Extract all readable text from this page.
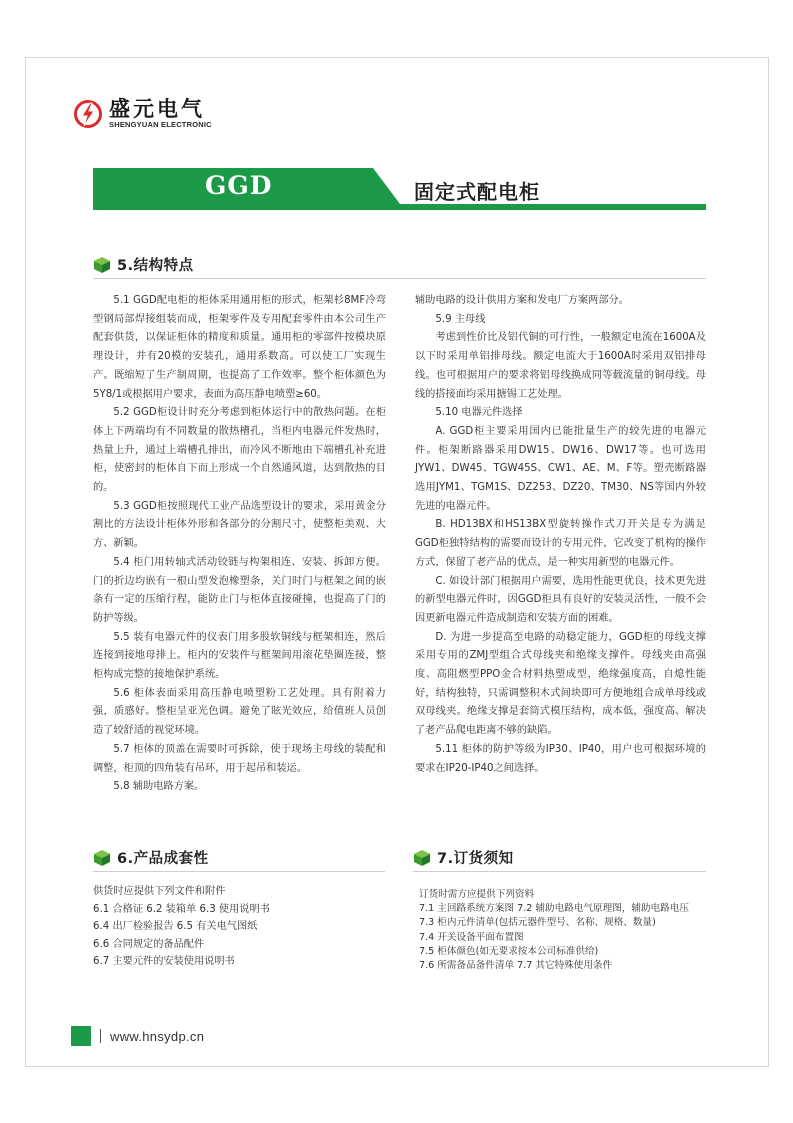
盛元电气
SHENGYUAN ELECTRONIC
GGD	固定式配电柜
5.结构特点

5.1 GGD配电柜的柜体采用通用柜的形式，柜架杉8MF冷弯型钢局部焊接组装而成，柜架零件及专用配套零件由本公司生产配套供货，以保证柜体的精度和质量。通用柜的零部件按模块原理设计，并有20模的安装孔，通用系数高。可以使工厂实现生产。既缩短了生产制周期，也提高了工作效率。整个柜体颜色为5Y8/1或根据用户要求，表面为高压静电喷塑≥60。

5.2 GGD柜设计时充分考虑到柜体运行中的散热问题。在柜体上下两端均有不同数量的散热槽孔，当柜内电器元件发热时，热量上升，通过上端槽孔排出，而冷风不断地由下端槽孔补充进柜，使密封的柜体自下而上形成一个自然通风道，达到散热的目的。

5.3 GGD柜按照现代工业产品选型设计的要求，采用黄金分割比的方法设计柜体外形和各部分的分割尺寸，使整柜美观、大方、新颖。

5.4 柜门用转轴式活动铰链与构架相连、安装、拆卸方便。门的折边均嵌有一根山型发泡橡塑条，关门时门与框架之间的嵌条有一定的压缩行程，能防止门与柜体直接碰撞，也提高了门的防护等级。

5.5 装有电器元件的仪表门用多股软铜线与框架相连，然后连接到接地母排上。柜内的安装件与框架间用滚花垫圈连接，整柜构成完整的接地保护系统。

5.6 柜体表面采用高压静电喷塑粉工艺处理。具有附着力强，质感好。整柜呈亚光色调。避免了眩光效应，给值班人员创造了较舒适的视觉环境。

5.7 柜体的顶盖在需要时可拆除，使于现场主母线的装配和调整，柜顶的四角装有吊环，用于起吊和装运。

5.8 辅助电路方案。

辅助电路的设计供用方案和发电厂方案两部分。

5.9 主母线

考虑到性价比及铝代铜的可行性，一般额定电流在1600A及以下时采用单铝排母线。额定电流大于1600A时采用双铝排母线。也可根据用户的要求将铝母线换成同等载流量的铜母线。母线的搭接面均采用搪锡工艺处理。

5.10 电器元件选择

A. GGD柜主要采用国内已能批量生产的较先进的电器元件。柜架断路器采用DW15、DW16、DW17等。也可选用JYW1、DW45、TGW45S、CW1、AE、M、F等。塑壳断路器选用JYM1、TGM1S、DZ253、DZ20、TM30、NS等国内外较先进的电器元件。

B. HD13BX和HS13BX型旋转操作式刀开关是专为满足GGD柜独特结构的需要而设计的专用元件，它改变了机构的操作方式，保留了老产品的优点，是一种实用新型的电器元件。

C. 如设计部门根据用户需要，选用性能更优良，技术更先进的新型电器元件时，因GGD柜具有良好的安装灵活性，一般不会因更新电器元件造成制造和安装方面的困难。

D. 为进一步提高至电路的动稳定能力，GGD柜的母线支撑采用专用的ZMJ型组合式母线夹和绝缘支撑件。母线夹由高强度、高阻燃型PPO金合材料热塑成型，绝缘强度高，自熄性能好，结构独特，只需调整积木式间块即可方便地组合成单母线或双母线夹。绝缘支撑是套筒式模压结构，成本低，强度高、解决了老产品爬电距离不够的缺陷。

5.11 柜体的防护等级为IP30、IP40，用户也可根据环境的要求在IP20-IP40之间选择。

6.产品成套性
供货时应提供下列文件和附件
6.1 合格证 6.2 装箱单 6.3 使用说明书
6.4 出厂检验报告 6.5 有关电气图纸
6.6 合同规定的备品配件
6.7 主要元件的安装使用说明书
7.订货须知
订货时需方应提供下列资料
7.1 主回路系统方案图 7.2 辅助电路电气原理图，辅助电路电压
7.3 柜内元件清单(包括元器件型号、名称、规格、数量)
7.4 开关设备平面布置图
7.5 柜体颜色(如无要求按本公司标准供给)
7.6 所需备品备件清单 7.7 其它特殊使用条件
www.hnsydp.cn
